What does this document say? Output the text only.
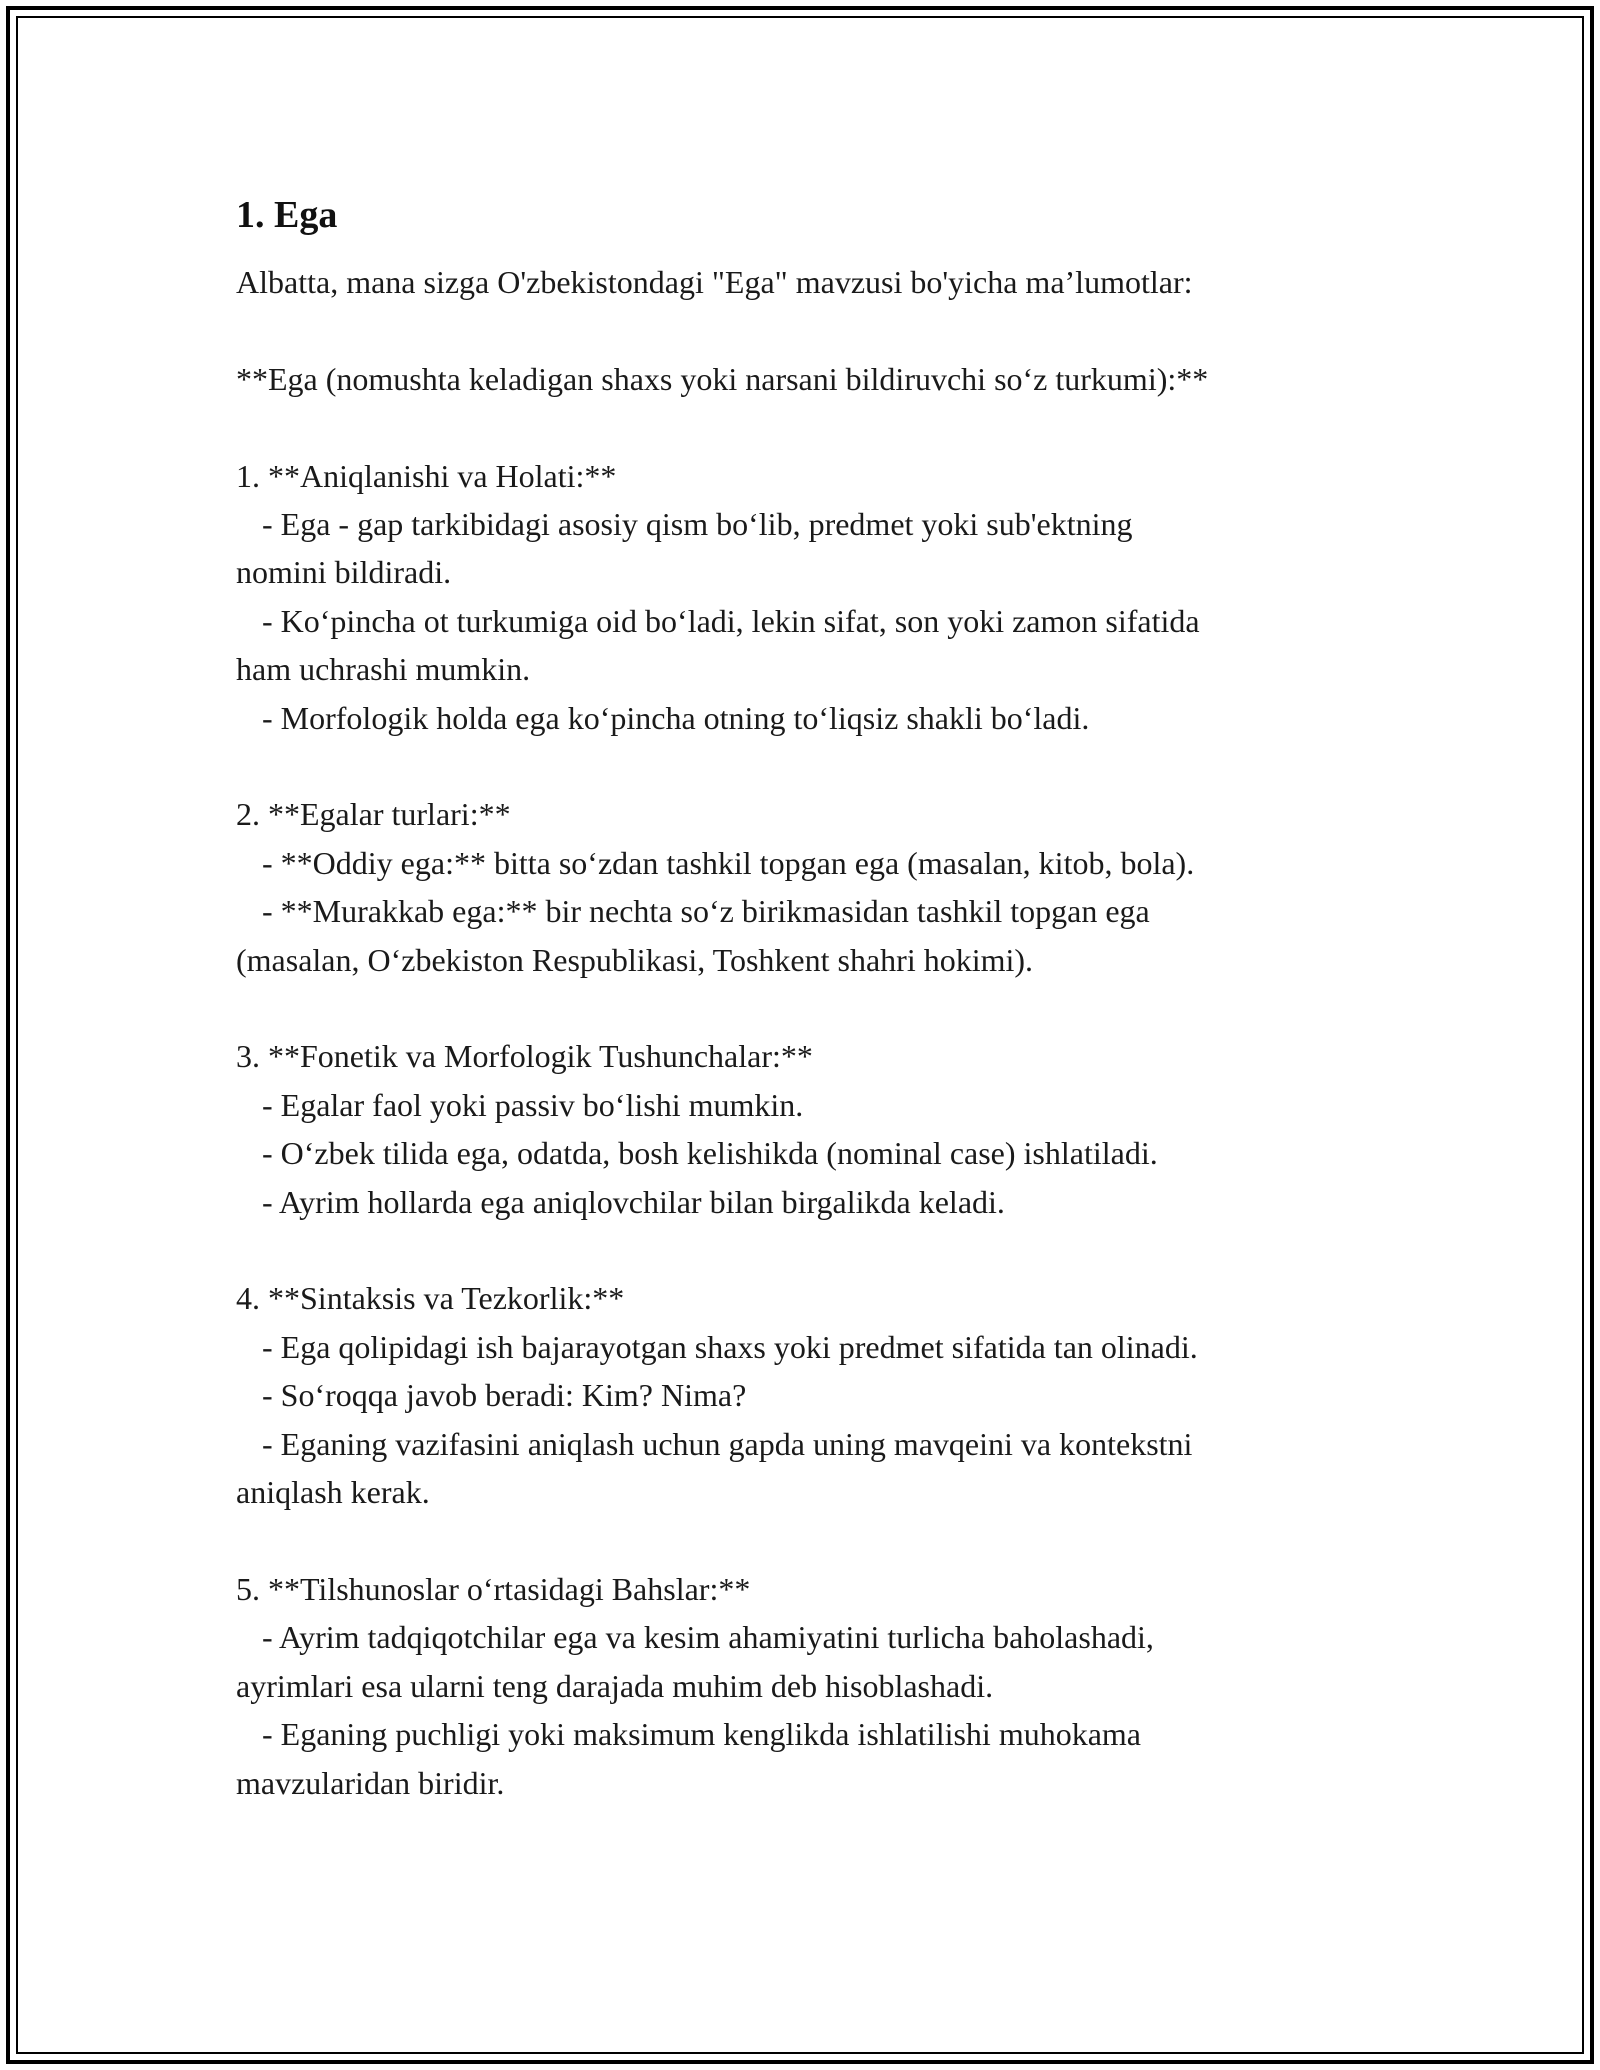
1. Ega

Albatta, mana sizga O'zbekistondagi "Ega" mavzusi bo'yicha ma’lumotlar:

**Ega (nomushta keladigan shaxs yoki narsani bildiruvchi so‘z turkumi):**

1. **Aniqlanishi va Holati:**

- Ega - gap tarkibidagi asosiy qism bo‘lib, predmet yoki sub'ektning

nomini bildiradi.

- Ko‘pincha ot turkumiga oid bo‘ladi, lekin sifat, son yoki zamon sifatida

ham uchrashi mumkin.

- Morfologik holda ega ko‘pincha otning to‘liqsiz shakli bo‘ladi.

2. **Egalar turlari:**

- **Oddiy ega:** bitta so‘zdan tashkil topgan ega (masalan, kitob, bola).

- **Murakkab ega:** bir nechta so‘z birikmasidan tashkil topgan ega

(masalan, O‘zbekiston Respublikasi, Toshkent shahri hokimi).

3. **Fonetik va Morfologik Tushunchalar:**

- Egalar faol yoki passiv bo‘lishi mumkin.

- O‘zbek tilida ega, odatda, bosh kelishikda (nominal case) ishlatiladi.

- Ayrim hollarda ega aniqlovchilar bilan birgalikda keladi.

4. **Sintaksis va Tezkorlik:**

- Ega qolipidagi ish bajarayotgan shaxs yoki predmet sifatida tan olinadi.

- So‘roqqa javob beradi: Kim? Nima?

- Eganing vazifasini aniqlash uchun gapda uning mavqeini va kontekstni

aniqlash kerak.

5. **Tilshunoslar o‘rtasidagi Bahslar:**

- Ayrim tadqiqotchilar ega va kesim ahamiyatini turlicha baholashadi,

ayrimlari esa ularni teng darajada muhim deb hisoblashadi.

- Eganing puchligi yoki maksimum kenglikda ishlatilishi muhokama

mavzularidan biridir.
